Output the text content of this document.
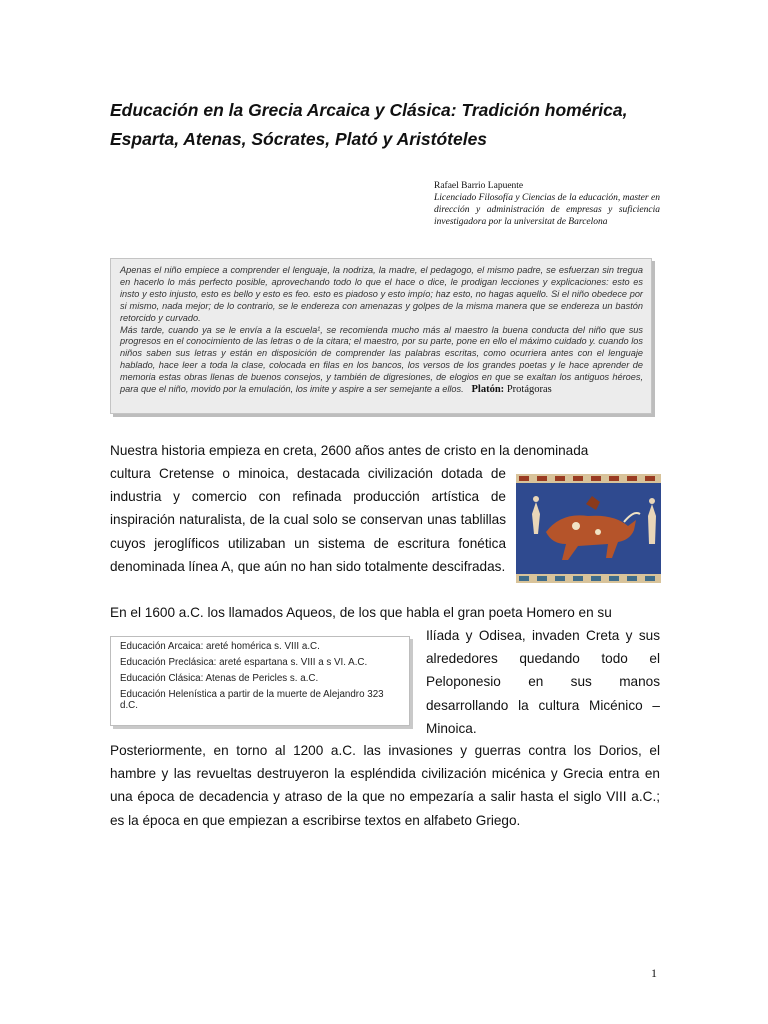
Educación en la Grecia Arcaica y Clásica: Tradición homérica, Esparta, Atenas, Sócrates, Plató y Aristóteles
Rafael Barrio Lapuente
Licenciado Filosofía y Ciencias de la educación, master en dirección y administración de empresas y suficiencia investigadora por la universitat de Barcelona

Apenas el niño empiece a comprender el lenguaje, la nodriza, la madre, el pedagogo, el mismo padre, se esfuerzan sin tregua en hacerlo lo más perfecto posible, aprovechando todo lo que el hace o dice, le prodigan lecciones y explicaciones: esto es insto y esto injusto, esto es bello y esto es feo. esto es piadoso y esto impío; haz esto, no hagas aquello. Si el niño obedece por si mismo, nada mejor; de lo contrario, se le endereza con amenazas y golpes de la misma manera que se endereza un bastón retorcido y curvado.

Más tarde, cuando ya se le envía a la escuela¹, se recomienda mucho más al maestro la buena conducta del niño que sus progresos en el conocimiento de las letras o de la citara; el maestro, por su parte, pone en ello el máximo cuidado y. cuando los niños saben sus letras y están en disposición de comprender las palabras escritas, como ocurriera antes con el lenguaje hablado, hace leer a toda la clase, colocada en filas en los bancos, los versos de los grandes poetas y le hace aprender de memoria estas obras llenas de buenos consejos, y también de digresiones, de elogios en que se exaltan los antiguos héroes, para que el niño, movido por la emulación, los imite y aspire a ser semejante a ellos. Platón: Protágoras

Nuestra historia empieza en creta, 2600 años antes de cristo en la denominada

cultura Cretense o minoica, destacada civilización dotada de industria y comercio con refinada producción artística de inspiración naturalista, de la cual solo se conservan unas tablillas cuyos jeroglíficos utilizaban un sistema de escritura fonética denominada línea A, que aún no han sido totalmente descifradas.

En el 1600 a.C. los llamados Aqueos, de los que habla el gran poeta Homero en su

Educación Arcaica: areté homérica s. VIII a.C.
Educación Preclásica: areté espartana s. VIII a s VI. A.C.
Educación Clásica: Atenas de Pericles s. a.C.
Educación Helenística a partir de la muerte de Alejandro 323 d.C.

Ilíada y Odisea, invaden Creta y sus alrededores quedando todo el Peloponesio en sus manos desarrollando la cultura Micénico – Minoica.

Posteriormente, en torno al 1200 a.C. las invasiones y guerras contra los Dorios, el hambre y las revueltas destruyeron la espléndida civilización micénica y Grecia entra en una época de decadencia y atraso de la que no empezaría a salir hasta el siglo VIII a.C.; es la época en que empiezan a escribirse textos en alfabeto Griego.

1
